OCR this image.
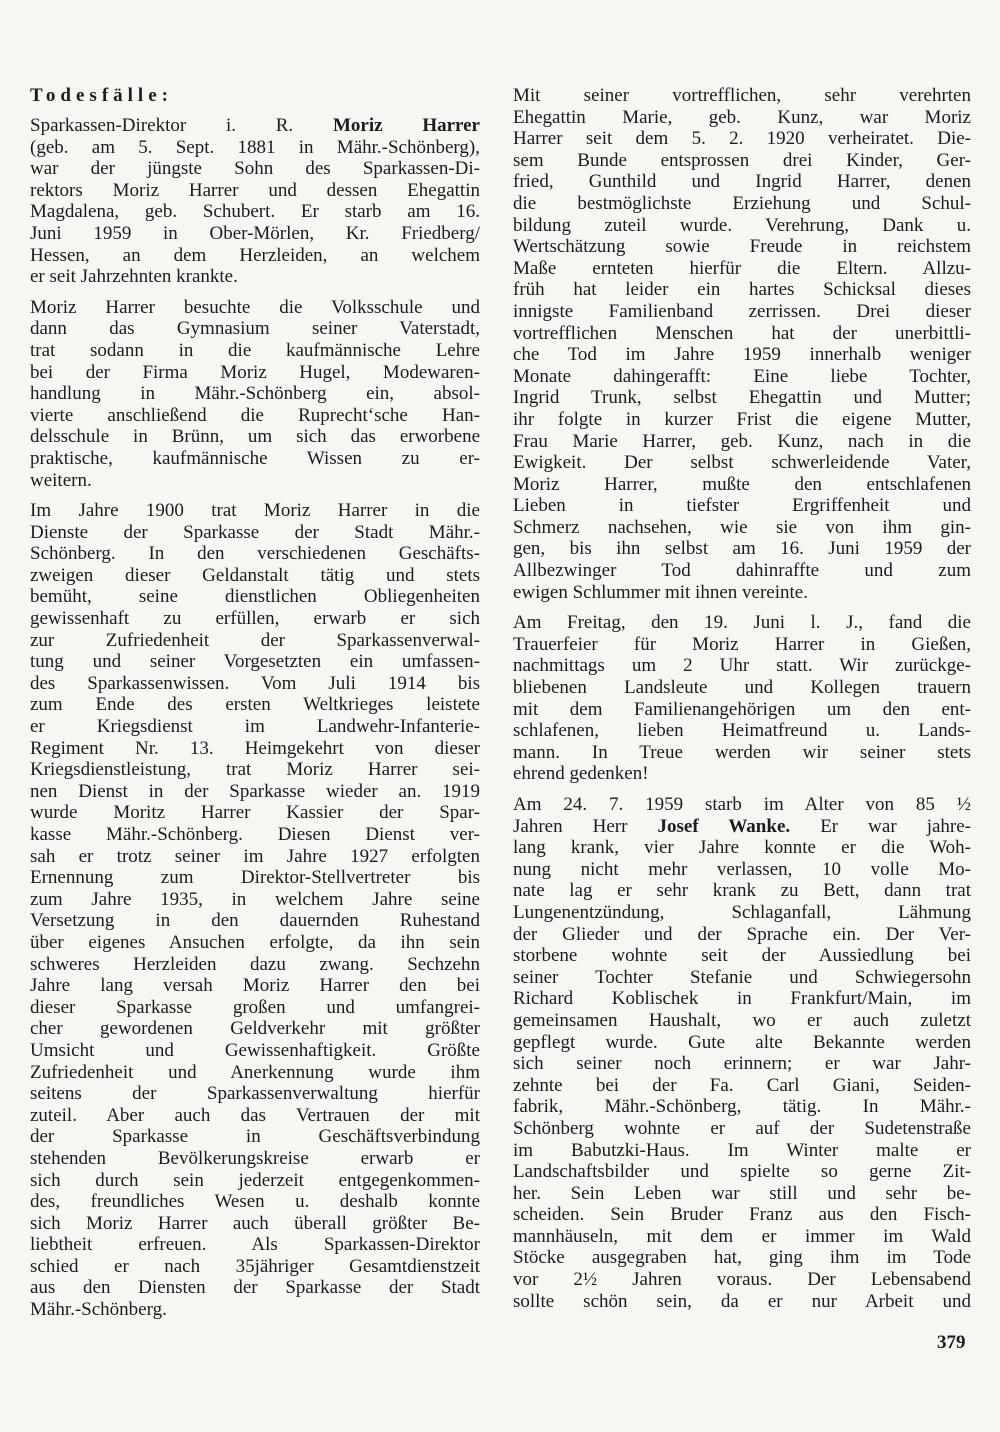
Todesfälle:
Sparkassen-Direktor i. R. Moriz Harrer
(geb. am 5. Sept. 1881 in Mähr.-Schönberg),
war der jüngste Sohn des Sparkassen-Di-
rektors Moriz Harrer und dessen Ehegattin
Magdalena, geb. Schubert. Er starb am 16.
Juni 1959 in Ober-Mörlen, Kr. Friedberg/
Hessen, an dem Herzleiden, an welchem
er seit Jahrzehnten krankte.
Moriz Harrer besuchte die Volksschule und
dann das Gymnasium seiner Vaterstadt,
trat sodann in die kaufmännische Lehre
bei der Firma Moriz Hugel, Modewaren-
handlung in Mähr.-Schönberg ein, absol-
vierte anschließend die Ruprecht‘sche Han-
delsschule in Brünn, um sich das erworbene
praktische, kaufmännische Wissen zu er-
weitern.
Im Jahre 1900 trat Moriz Harrer in die
Dienste der Sparkasse der Stadt Mähr.-
Schönberg. In den verschiedenen Geschäfts-
zweigen dieser Geldanstalt tätig und stets
bemüht, seine dienstlichen Obliegenheiten
gewissenhaft zu erfüllen, erwarb er sich
zur Zufriedenheit der Sparkassenverwal-
tung und seiner Vorgesetzten ein umfassen-
des Sparkassenwissen. Vom Juli 1914 bis
zum Ende des ersten Weltkrieges leistete
er Kriegsdienst im Landwehr-Infanterie-
Regiment Nr. 13. Heimgekehrt von dieser
Kriegsdienstleistung, trat Moriz Harrer sei-
nen Dienst in der Sparkasse wieder an. 1919
wurde Moritz Harrer Kassier der Spar-
kasse Mähr.-Schönberg. Diesen Dienst ver-
sah er trotz seiner im Jahre 1927 erfolgten
Ernennung zum Direktor-Stellvertreter bis
zum Jahre 1935, in welchem Jahre seine
Versetzung in den dauernden Ruhestand
über eigenes Ansuchen erfolgte, da ihn sein
schweres Herzleiden dazu zwang. Sechzehn
Jahre lang versah Moriz Harrer den bei
dieser Sparkasse großen und umfangrei-
cher gewordenen Geldverkehr mit größter
Umsicht und Gewissenhaftigkeit. Größte
Zufriedenheit und Anerkennung wurde ihm
seitens der Sparkassenverwaltung hierfür
zuteil. Aber auch das Vertrauen der mit
der Sparkasse in Geschäftsverbindung
stehenden Bevölkerungskreise erwarb er
sich durch sein jederzeit entgegenkommen-
des, freundliches Wesen u. deshalb konnte
sich Moriz Harrer auch überall größter Be-
liebtheit erfreuen. Als Sparkassen-Direktor
schied er nach 35jähriger Gesamtdienstzeit
aus den Diensten der Sparkasse der Stadt
Mähr.-Schönberg.
Mit seiner vortrefflichen, sehr verehrten
Ehegattin Marie, geb. Kunz, war Moriz
Harrer seit dem 5. 2. 1920 verheiratet. Die-
sem Bunde entsprossen drei Kinder, Ger-
fried, Gunthild und Ingrid Harrer, denen
die bestmöglichste Erziehung und Schul-
bildung zuteil wurde. Verehrung, Dank u.
Wertschätzung sowie Freude in reichstem
Maße ernteten hierfür die Eltern. Allzu-
früh hat leider ein hartes Schicksal dieses
innigste Familienband zerrissen. Drei dieser
vortrefflichen Menschen hat der unerbittli-
che Tod im Jahre 1959 innerhalb weniger
Monate dahingerafft: Eine liebe Tochter,
Ingrid Trunk, selbst Ehegattin und Mutter;
ihr folgte in kurzer Frist die eigene Mutter,
Frau Marie Harrer, geb. Kunz, nach in die
Ewigkeit. Der selbst schwerleidende Vater,
Moriz Harrer, mußte den entschlafenen
Lieben in tiefster Ergriffenheit und
Schmerz nachsehen, wie sie von ihm gin-
gen, bis ihn selbst am 16. Juni 1959 der
Allbezwinger Tod dahinraffte und zum
ewigen Schlummer mit ihnen vereinte.
Am Freitag, den 19. Juni l. J., fand die
Trauerfeier für Moriz Harrer in Gießen,
nachmittags um 2 Uhr statt. Wir zurückge-
bliebenen Landsleute und Kollegen trauern
mit dem Familienangehörigen um den ent-
schlafenen, lieben Heimatfreund u. Lands-
mann. In Treue werden wir seiner stets
ehrend gedenken!
Am 24. 7. 1959 starb im Alter von 85 ½
Jahren Herr Josef Wanke. Er war jahre-
lang krank, vier Jahre konnte er die Woh-
nung nicht mehr verlassen, 10 volle Mo-
nate lag er sehr krank zu Bett, dann trat
Lungenentzündung, Schlaganfall, Lähmung
der Glieder und der Sprache ein. Der Ver-
storbene wohnte seit der Aussiedlung bei
seiner Tochter Stefanie und Schwiegersohn
Richard Koblischek in Frankfurt/Main, im
gemeinsamen Haushalt, wo er auch zuletzt
gepflegt wurde. Gute alte Bekannte werden
sich seiner noch erinnern; er war Jahr-
zehnte bei der Fa. Carl Giani, Seiden-
fabrik, Mähr.-Schönberg, tätig. In Mähr.-
Schönberg wohnte er auf der Sudetenstraße
im Babutzki-Haus. Im Winter malte er
Landschaftsbilder und spielte so gerne Zit-
her. Sein Leben war still und sehr be-
scheiden. Sein Bruder Franz aus den Fisch-
mannhäuseln, mit dem er immer im Wald
Stöcke ausgegraben hat, ging ihm im Tode
vor 2½ Jahren voraus. Der Lebensabend
sollte schön sein, da er nur Arbeit und
379
